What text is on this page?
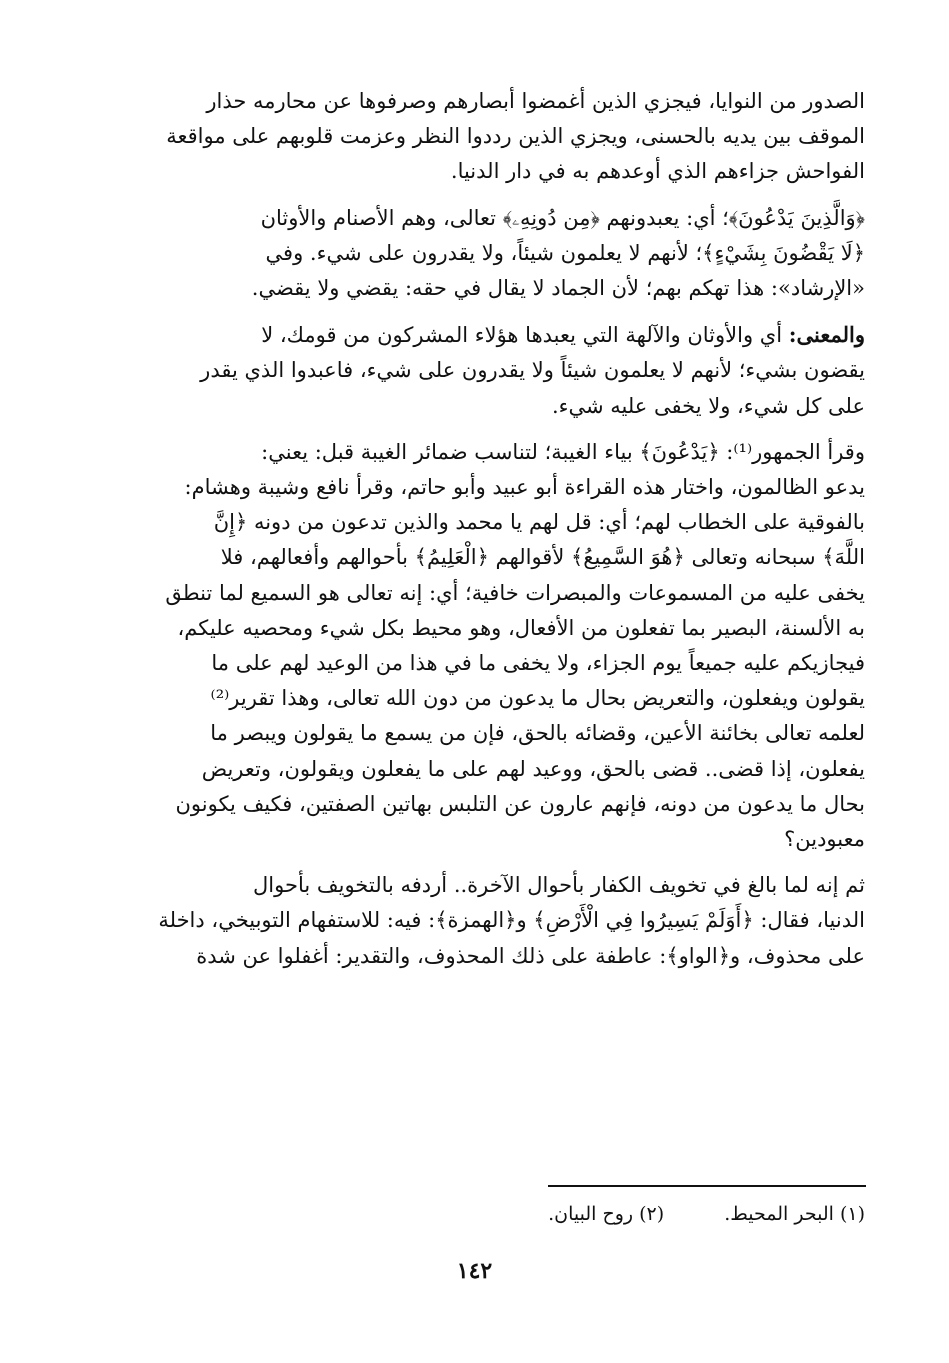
الصدور من النوايا، فيجزي الذين أغمضوا أبصارهم وصرفوها عن محارمه حذار

الموقف بين يديه بالحسنى، ويجزي الذين رددوا النظر وعزمت قلوبهم على مواقعة

الفواحش جزاءهم الذي أوعدهم به في دار الدنيا.

﴿وَالَّذِينَ يَدْعُونَ﴾؛ أي: يعبدونهم ﴿مِن دُونِهِۦ﴾ تعالى، وهم الأصنام والأوثان

﴿لَا يَقْضُونَ بِشَيْءٍ﴾؛ لأنهم لا يعلمون شيئاً، ولا يقدرون على شيء. وفي

«الإرشاد»: هذا تهكم بهم؛ لأن الجماد لا يقال في حقه: يقضي ولا يقضي.

والمعنى: أي والأوثان والآلهة التي يعبدها هؤلاء المشركون من قومك، لا

يقضون بشيء؛ لأنهم لا يعلمون شيئاً ولا يقدرون على شيء، فاعبدوا الذي يقدر

على كل شيء، ولا يخفى عليه شيء.

وقرأ الجمهور⁽¹⁾: ﴿يَدْعُونَ﴾ بياء الغيبة؛ لتناسب ضمائر الغيبة قبل: يعني:

يدعو الظالمون، واختار هذه القراءة أبو عبيد وأبو حاتم، وقرأ نافع وشيبة وهشام:

بالفوقية على الخطاب لهم؛ أي: قل لهم يا محمد والذين تدعون من دونه ﴿إِنَّ

اللَّهَ﴾ سبحانه وتعالى ﴿هُوَ السَّمِيعُ﴾ لأقوالهم ﴿الْعَلِيمُ﴾ بأحوالهم وأفعالهم، فلا

يخفى عليه من المسموعات والمبصرات خافية؛ أي: إنه تعالى هو السميع لما تنطق

به الألسنة، البصير بما تفعلون من الأفعال، وهو محيط بكل شيء ومحصيه عليكم،

فيجازيكم عليه جميعاً يوم الجزاء، ولا يخفى ما في هذا من الوعيد لهم على ما

يقولون ويفعلون، والتعريض بحال ما يدعون من دون الله تعالى، وهذا تقرير⁽²⁾

لعلمه تعالى بخائنة الأعين، وقضائه بالحق، فإن من يسمع ما يقولون ويبصر ما

يفعلون، إذا قضى.. قضى بالحق، ووعيد لهم على ما يفعلون ويقولون، وتعريض

بحال ما يدعون من دونه، فإنهم عارون عن التلبس بهاتين الصفتين، فكيف يكونون

معبودين؟

ثم إنه لما بالغ في تخويف الكفار بأحوال الآخرة.. أردفه بالتخويف بأحوال

الدنيا، فقال: ﴿أَوَلَمْ يَسِيرُوا فِي الْأَرْضِ﴾ و﴿الهمزة﴾: فيه: للاستفهام التوبيخي، داخلة

على محذوف، و﴿الواو﴾: عاطفة على ذلك المحذوف، والتقدير: أغفلوا عن شدة

(١) البحر المحيط.
(٢) روح البيان.
١٤٢
